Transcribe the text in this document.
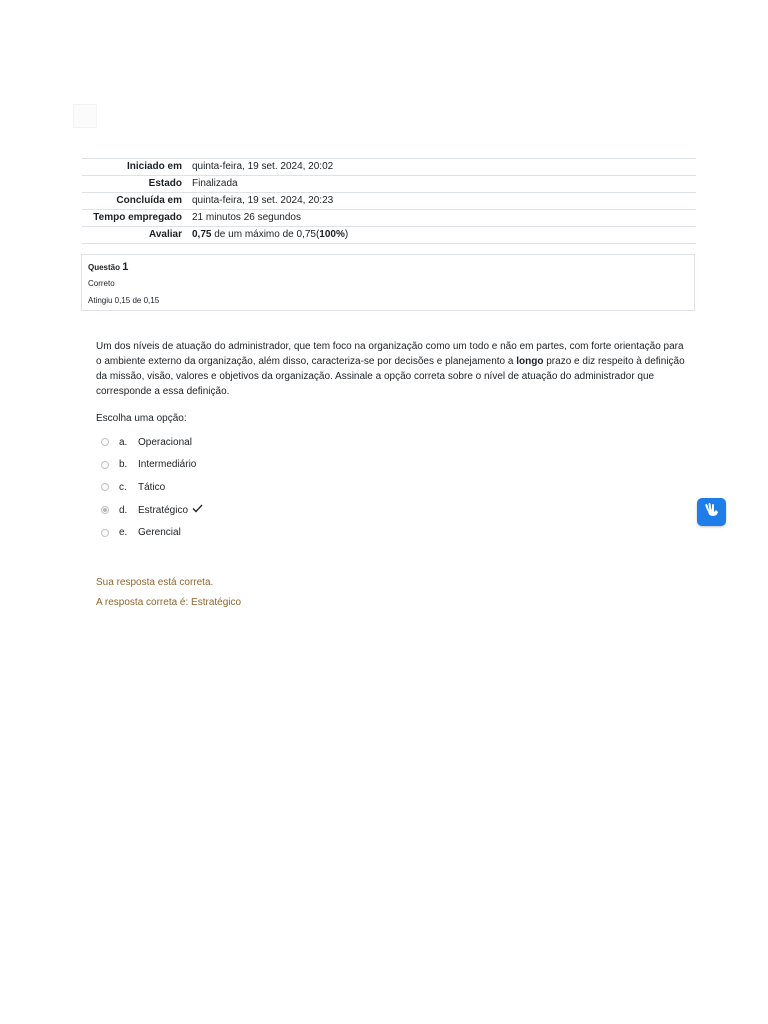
Iniciado em	quinta-feira, 19 set. 2024, 20:02
Estado	Finalizada
Concluída em	quinta-feira, 19 set. 2024, 20:23
Tempo empregado	21 minutos 26 segundos
Avaliar	0,75 de um máximo de 0,75(100%)
Questão 1
Correto
Atingiu 0,15 de 0,15
Um dos níveis de atuação do administrador, que tem foco na organização como um todo e não em partes, com forte orientação para o ambiente externo da organização, além disso, caracteriza-se por decisões e planejamento a longo prazo e diz respeito à definição da missão, visão, valores e objetivos da organização. Assinale a opção correta sobre o nível de atuação do administrador que corresponde a essa definição.
Escolha uma opção:
a.	Operacional
b.	Intermediário
c.	Tático
d.	Estratégico
e.	Gerencial
Sua resposta está correta.
A resposta correta é: Estratégico
